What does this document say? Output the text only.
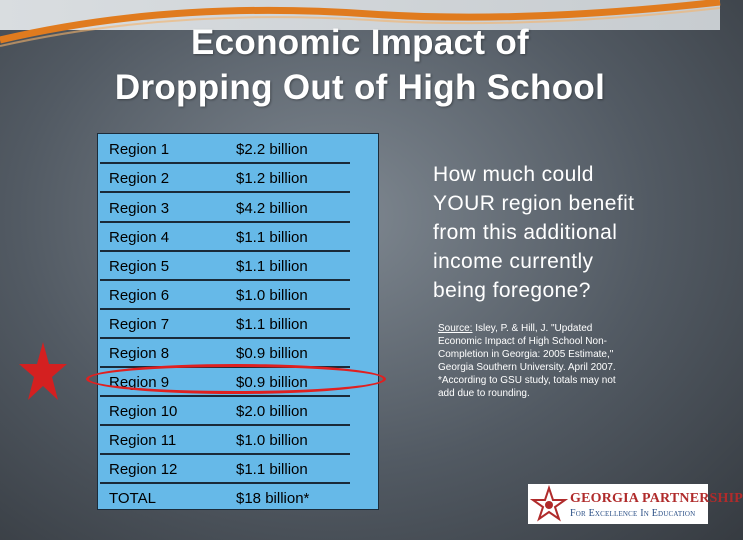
Economic Impact of
Dropping Out of High School
Region 1	$2.2 billion
Region 2	$1.2 billion
Region 3	$4.2 billion
Region 4	$1.1 billion
Region 5	$1.1 billion
Region 6	$1.0 billion
Region 7	$1.1 billion
Region 8	$0.9 billion
Region 9	$0.9 billion
Region 10	$2.0 billion
Region 11	$1.0 billion
Region 12	$1.1 billion
TOTAL	$18 billion*
How much could
YOUR region benefit
from this additional
income currently
being foregone?
Source: Isley, P. & Hill, J. "Updated
Economic Impact of High School Non-
Completion in Georgia: 2005 Estimate,"
Georgia Southern University. April 2007.
*According to GSU study, totals may not
add due to rounding.
GEORGIA PARTNERSHIP
For Excellence In Education
